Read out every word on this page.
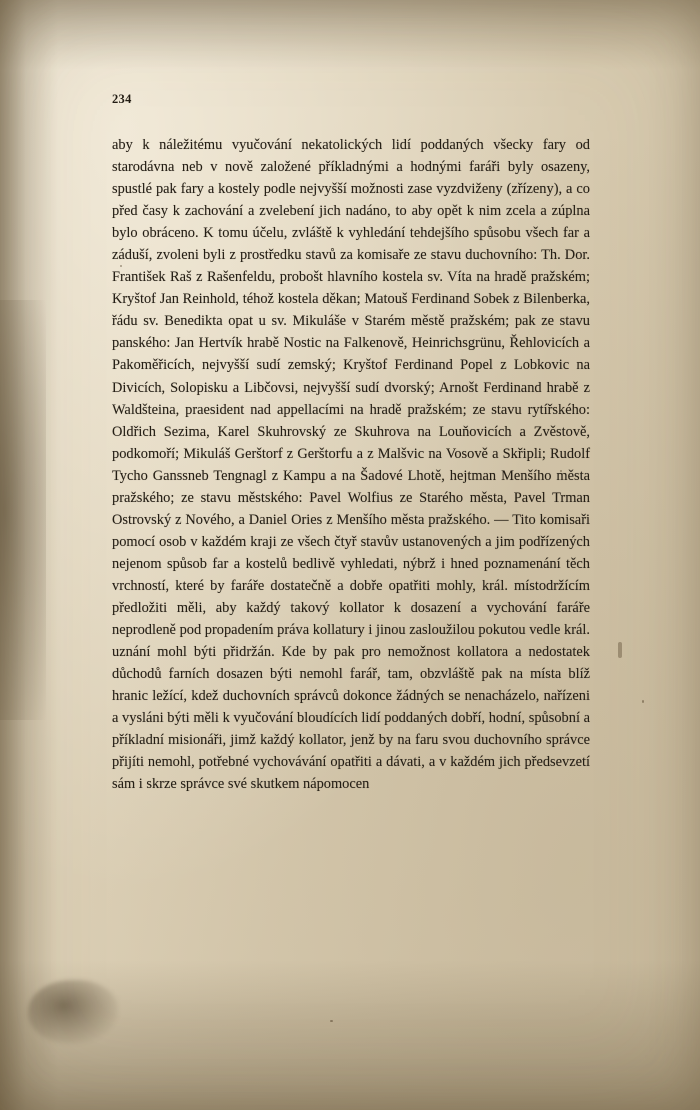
234

aby k náležitému vyučování nekatolických lidí poddaných všecky fary od starodávna neb v nově založené příkladnými a hodnými faráři byly osazeny, spustlé pak fary a kostely podle nejvyšší možnosti zase vyzdviženy (zřízeny), a co před časy k zachování a zvelebení jich nadáno, to aby opět k nim zcela a zúplna bylo obráceno. K tomu účelu, zvláště k vyhledání tehdejšího spůsobu všech far a záduší, zvoleni byli z prostředku stavů za komisaře ze stavu duchovního: Th. Dor. František Raš z Rašenfeldu, probošt hlavního kostela sv. Víta na hradě pražském; Kryštof Jan Reinhold, téhož kostela děkan; Matouš Ferdinand Sobek z Bilenberka, řádu sv. Benedikta opat u sv. Mikuláše v Starém městě pražském; pak ze stavu panského: Jan Hertvík hrabě Nostic na Falkenově, Heinrichsgrünu, Řehlovicích a Pakoměřicích, nejvyšší sudí zemský; Kryštof Ferdinand Popel z Lobkovic na Divicích, Solopisku a Libčovsi, nejvyšší sudí dvorský; Arnošt Ferdinand hrabě z Waldšteina, praesident nad appellacími na hradě pražském; ze stavu rytířského: Oldřich Sezima, Karel Skuhrovský ze Skuhrova na Louňovicích a Zvěstově, podkomoří; Mikuláš Gerštorf z Gerštorfu a z Malšvic na Vosově a Skřipli; Rudolf Tycho Ganssneb Tengnagl z Kampu a na Šadové Lhotě, hejtman Menšího města pražského; ze stavu městského: Pavel Wolfius ze Starého města, Pavel Trman Ostrovský z Nového, a Daniel Ories z Menšího města pražského. — Tito komisaři pomocí osob v každém kraji ze všech čtyř stavův ustanovených a jim podřízených nejenom spůsob far a kostelů bedlivě vyhledati, nýbrž i hned poznamenání těch vrchností, které by faráře dostatečně a dobře opatřiti mohly, král. místodržícím předložiti měli, aby každý takový kollator k dosazení a vychování faráře neprodleně pod propadením práva kollatury i jinou zasloužilou pokutou vedle král. uznání mohl býti přidržán. Kde by pak pro nemožnost kollatora a nedostatek důchodů farních dosazen býti nemohl farář, tam, obzvláště pak na místa blíž hranic ležící, kdež duchovních správců dokonce žádných se nenacházelo, nařízeni a vysláni býti měli k vyučování bloudících lidí poddaných dobří, hodní, spůsobní a příkladní misionáři, jimž každý kollator, jenž by na faru svou duchovního správce přijíti nemohl, potřebné vychovávání opatřiti a dávati, a v každém jich předsevzetí sám i skrze správce své skutkem nápomocen
